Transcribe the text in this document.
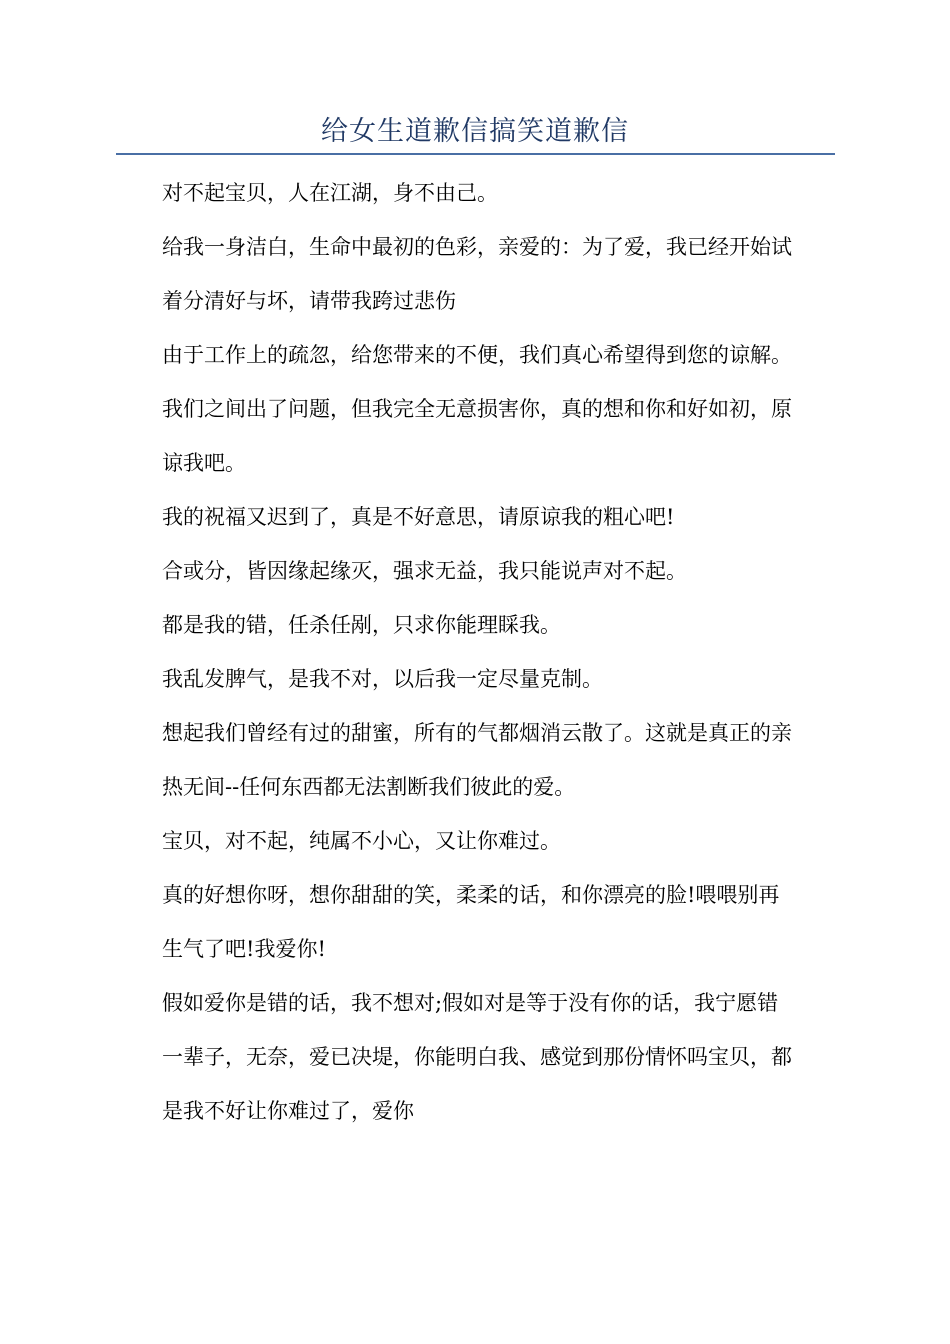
给女生道歉信搞笑道歉信

对不起宝贝，人在江湖，身不由己。

给我一身洁白，生命中最初的色彩，亲爱的：为了爱，我已经开始试着分清好与坏，请带我跨过悲伤

由于工作上的疏忽，给您带来的不便，我们真心希望得到您的谅解。

我们之间出了问题，但我完全无意损害你，真的想和你和好如初，原谅我吧。

我的祝福又迟到了，真是不好意思，请原谅我的粗心吧!

合或分，皆因缘起缘灭，强求无益，我只能说声对不起。

都是我的错，任杀任剐，只求你能理睬我。

我乱发脾气，是我不对，以后我一定尽量克制。

想起我们曾经有过的甜蜜，所有的气都烟消云散了。这就是真正的亲热无间--任何东西都无法割断我们彼此的爱。

宝贝，对不起，纯属不小心，又让你难过。

真的好想你呀，想你甜甜的笑，柔柔的话，和你漂亮的脸!喂喂别再生气了吧!我爱你!

假如爱你是错的话，我不想对;假如对是等于没有你的话，我宁愿错一辈子，无奈，爱已决堤，你能明白我、感觉到那份情怀吗宝贝，都是我不好让你难过了，爱你
